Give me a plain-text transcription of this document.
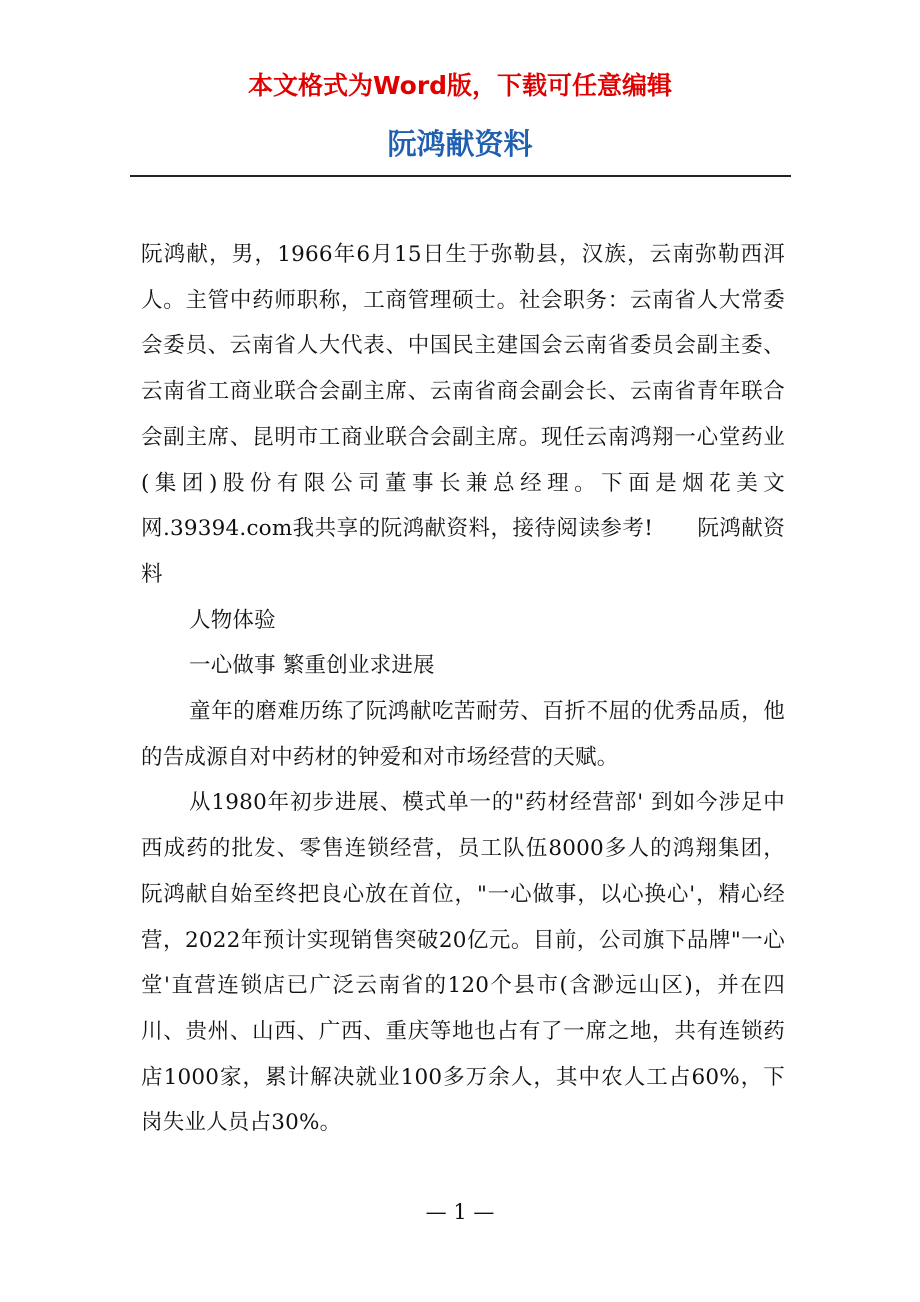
本文格式为Word版，下载可任意编辑
阮鸿献资料

阮鸿献，男，1966年6月15日生于弥勒县，汉族，云南弥勒西洱人。主管中药师职称，工商管理硕士。社会职务：云南省人大常委会委员、云南省人大代表、中国民主建国会云南省委员会副主委、云南省工商业联合会副主席、云南省商会副会长、云南省青年联合会副主席、昆明市工商业联合会副主席。现任云南鸿翔一心堂药业(集团)股份有限公司董事长兼总经理。下面是烟花美文网.39394.com我共享的阮鸿献资料，接待阅读参考!　　阮鸿献资料

人物体验

一心做事 繁重创业求进展

童年的磨难历练了阮鸿献吃苦耐劳、百折不屈的优秀品质，他的告成源自对中药材的钟爱和对市场经营的天赋。

从1980年初步进展、模式单一的"药材经营部' 到如今涉足中西成药的批发、零售连锁经营，员工队伍8000多人的鸿翔集团， 阮鸿献自始至终把良心放在首位，"一心做事，以心换心'，精心经营，2022年预计实现销售突破20亿元。目前，公司旗下品牌"一心堂'直营连锁店已广泛云南省的120个县市(含渺远山区)，并在四川、贵州、山西、广西、重庆等地也占有了一席之地，共有连锁药店1000家，累计解决就业100多万余人，其中农人工占60%，下岗失业人员占30%。

— 1 —
